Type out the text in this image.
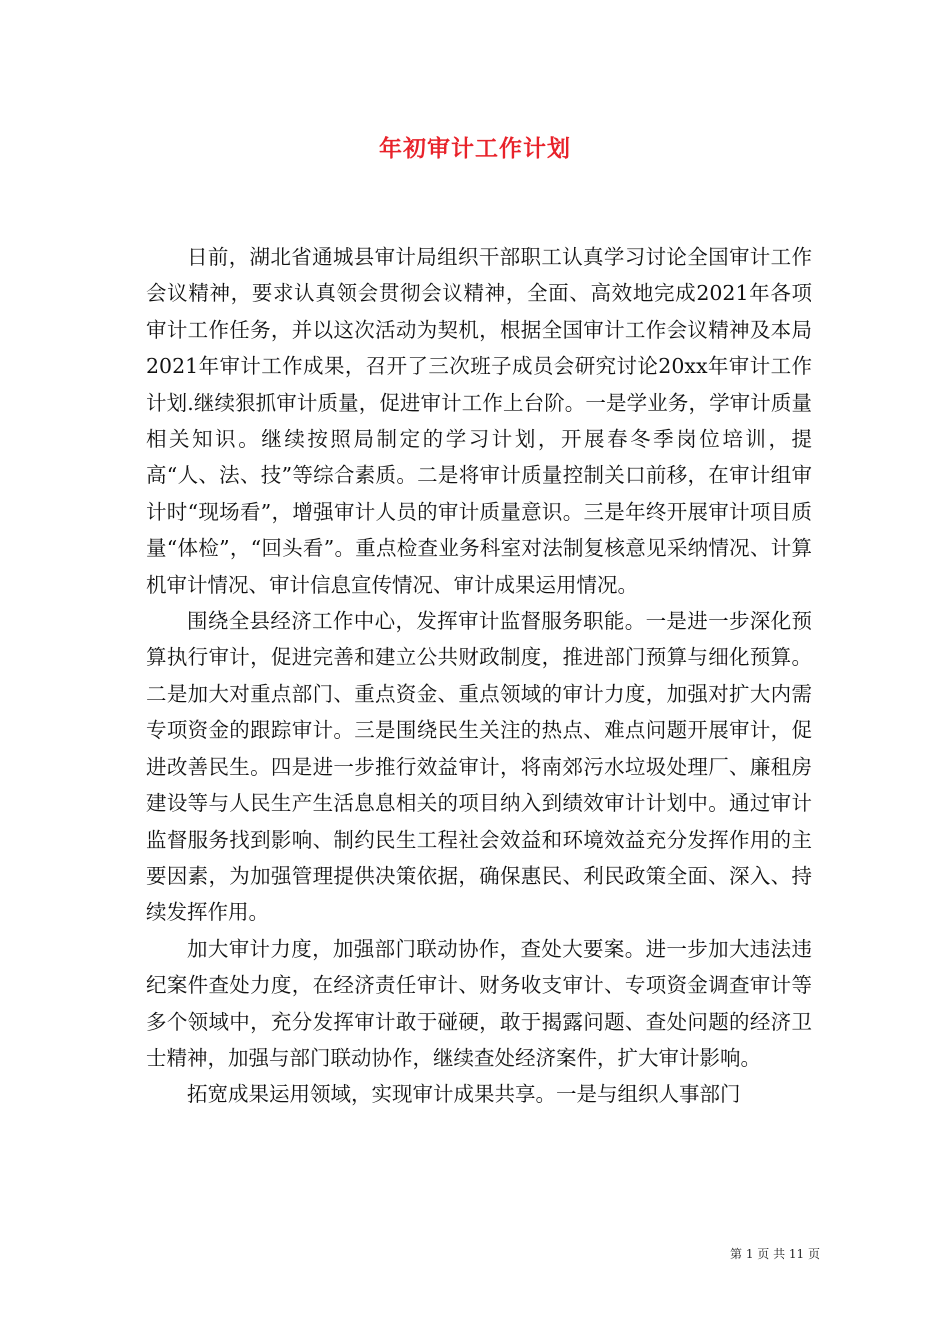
年初审计工作计划

日前，湖北省通城县审计局组织干部职工认真学习讨论全国审计工作会议精神，要求认真领会贯彻会议精神，全面、高效地完成2021年各项审计工作任务，并以这次活动为契机，根据全国审计工作会议精神及本局2021年审计工作成果，召开了三次班子成员会研究讨论20xx年审计工作计划.继续狠抓审计质量，促进审计工作上台阶。一是学业务，学审计质量相关知识。继续按照局制定的学习计划，开展春冬季岗位培训，提高“人、法、技”等综合素质。二是将审计质量控制关口前移，在审计组审计时“现场看”，增强审计人员的审计质量意识。三是年终开展审计项目质量“体检”，“回头看”。重点检查业务科室对法制复核意见采纳情况、计算机审计情况、审计信息宣传情况、审计成果运用情况。

围绕全县经济工作中心，发挥审计监督服务职能。一是进一步深化预算执行审计，促进完善和建立公共财政制度，推进部门预算与细化预算。二是加大对重点部门、重点资金、重点领域的审计力度，加强对扩大内需专项资金的跟踪审计。三是围绕民生关注的热点、难点问题开展审计，促进改善民生。四是进一步推行效益审计，将南郊污水垃圾处理厂、廉租房建设等与人民生产生活息息相关的项目纳入到绩效审计计划中。通过审计监督服务找到影响、制约民生工程社会效益和环境效益充分发挥作用的主要因素，为加强管理提供决策依据，确保惠民、利民政策全面、深入、持续发挥作用。

加大审计力度，加强部门联动协作，查处大要案。进一步加大违法违纪案件查处力度，在经济责任审计、财务收支审计、专项资金调查审计等多个领域中，充分发挥审计敢于碰硬，敢于揭露问题、查处问题的经济卫士精神，加强与部门联动协作，继续查处经济案件，扩大审计影响。

拓宽成果运用领域，实现审计成果共享。一是与组织人事部门

第 1 页 共 11 页
